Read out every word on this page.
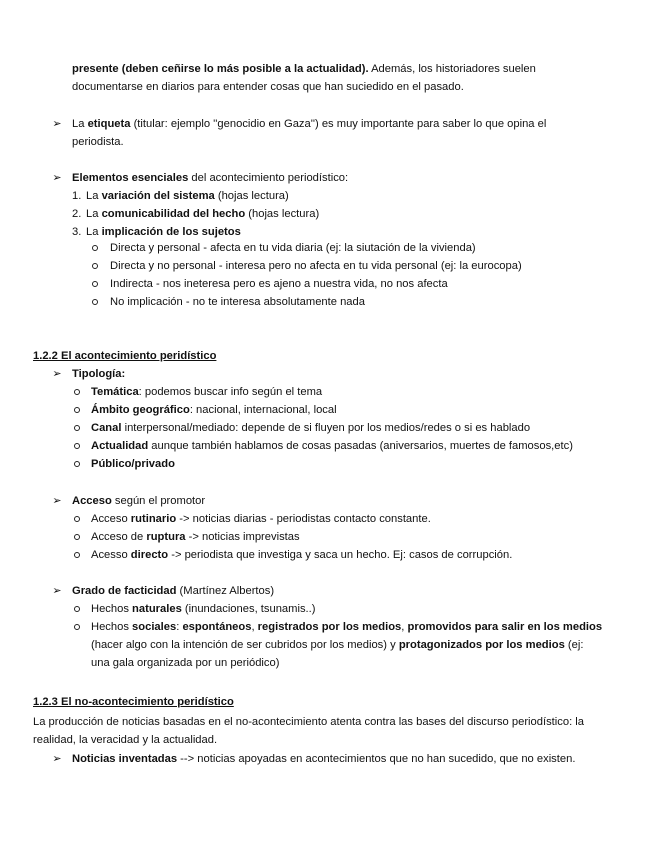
presente (deben ceñirse lo más posible a la actualidad). Además, los historiadores suelen
documentarse en diarios para entender cosas que han suciedido en el pasado.
➢ La etiqueta (titular: ejemplo ''genocidio en Gaza'') es muy importante para saber lo que opina el
periodista.
➢ Elementos esenciales del acontecimiento periodístico:
1. La variación del sistema (hojas lectura)
2. La comunicabilidad del hecho (hojas lectura)
3. La implicación de los sujetos
Directa y personal - afecta en tu vida diaria (ej: la siutación de la vivienda)
Directa y no personal - interesa pero no afecta en tu vida personal (ej: la eurocopa)
Indirecta - nos ineteresa pero es ajeno a nuestra vida, no nos afecta
No implicación - no te interesa absolutamente nada
1.2.2 El acontecimiento peridístico
➢ Tipología:
Temática: podemos buscar info según el tema
Ámbito geográfico: nacional, internacional, local
Canal interpersonal/mediado: depende de si fluyen por los medios/redes o si es hablado
Actualidad aunque también hablamos de cosas pasadas (aniversarios, muertes de famosos,etc)
Público/privado
➢ Acceso según el promotor
Acceso rutinario -> noticias diarias - periodistas contacto constante.
Acceso de ruptura -> noticias imprevistas
Acesso directo -> periodista que investiga y saca un hecho. Ej: casos de corrupción.
➢ Grado de facticidad (Martínez Albertos)
Hechos naturales (inundaciones, tsunamis..)
Hechos sociales: espontáneos, registrados por los medios, promovidos para salir en los medios
(hacer algo con la intención de ser cubridos por los medios) y protagonizados por los medios (ej:
una gala organizada por un periódico)
1.2.3 El no-acontecimiento peridístico
La producción de noticias basadas en el no-acontecimiento atenta contra las bases del discurso periodístico: la
realidad, la veracidad y la actualidad.
➢ Noticias inventadas --> noticias apoyadas en acontecimientos que no han sucedido, que no existen.
